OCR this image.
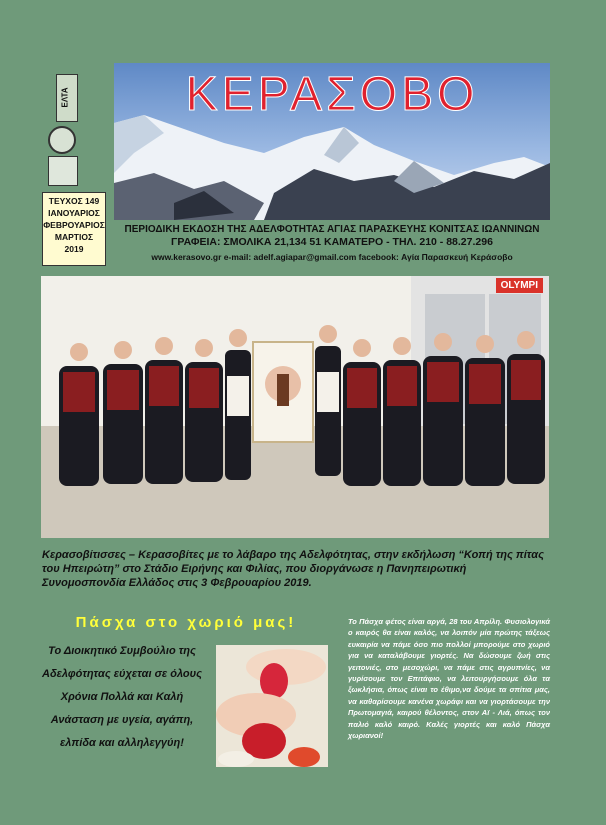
ΕΛΤΑ	ΚΕΡΑΣΟΒΟ
ΤΕΥΧΟΣ 149
ΙΑΝΟΥΑΡΙΟΣ
ΦΕΒΡΟΥΑΡΙΟΣ
ΜΑΡΤΙΟΣ
2019
ΠΕΡΙΟΔΙΚΗ ΕΚΔΟΣΗ ΤΗΣ ΑΔΕΛΦΟΤΗΤΑΣ ΑΓΙΑΣ ΠΑΡΑΣΚΕΥΗΣ ΚΟΝΙΤΣΑΣ ΙΩΑΝΝΙΝΩΝ
ΓΡΑΦΕΙΑ: ΣΜΟΛΙΚΑ 21,134 51 ΚΑΜΑΤΕΡΟ - ΤΗΛ. 210 - 88.27.296
www.kerasovo.gr e-mail: adelf.agiapar@gmail.com facebook: Αγία Παρασκευή Κεράσοβο
OLYMPI
Κερασοβίτισσες – Κερασοβίτες με το λάβαρο της Αδελφότητας, στην εκδήλωση “Κοπή της πίτας του Ηπειρώτη” στο Στάδιο Ειρήνης και Φιλίας, που διοργάνωσε η Πανηπειρωτική Συνομοσπονδία Ελλάδος στις 3 Φεβρουαρίου 2019.
Πάσχα στο χωριό μας!
Το Διοικητικό Συμβούλιο της Αδελφότητας εύχεται σε όλους Χρόνια Πολλά και Καλή Ανάσταση με υγεία, αγάπη, ελπίδα και αλληλεγγύη!
Το Πάσχα φέτος είναι αργά, 28 του Απρίλη. Φυσιολογικά ο καιρός θα είναι καλός, να λοιπόν μία πρώτης τάξεως ευκαιρία να πάμε όσο πιο πολλοί μπορούμε στο χωριό για να καταλάβουμε γιορτές. Να δώσουμε ζωή στις γειτονιές, στο μεσοχώρι, να πάμε στις αγρυπνίες, να γυρίσουμε τον Επιτάφιο, να λειτουργήσουμε όλα τα ξωκλήσια, όπως είναι το έθιμο,να δούμε τα σπίτια μας, να καθαρίσουμε κανένα χωράφι και να γιορτάσουμε την Πρωτομαγιά, καιρού θέλοντος, στον Αϊ - Λιά, όπως τον παλιό καλό καιρό. Καλές γιορτές και καλό Πάσχα χωριανοί!
